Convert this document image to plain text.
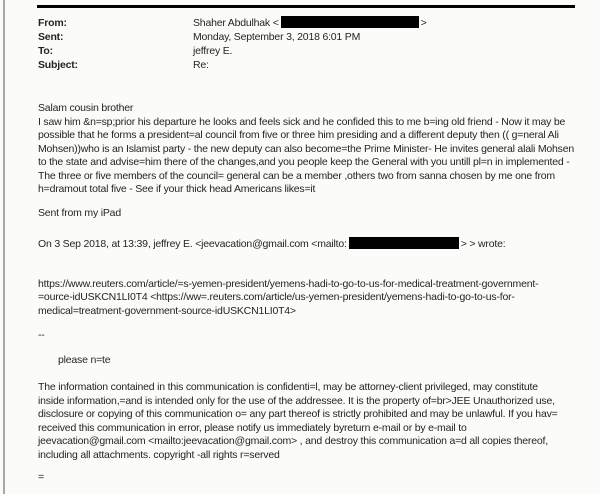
From:	Shaher Abdulhak <	>
Sent:	Monday, September 3, 2018 6:01 PM
To:	jeffrey E.
Subject:	Re:
Salam cousin brother
I saw him &n=sp;prior his departure he looks and feels sick and he confided this to me b=ing old friend - Now it may be
possible that he forms a president=al council from five or three him presiding and a different deputy then (( g=neral Ali
Mohsen))who is an Islamist party - the new deputy can also become=the Prime Minister- He invites general alali Mohsen
to the state and advise=him there of the changes,and you people keep the General with you untill pl=n in implemented -
The three or five members of the council= general can be a member ,others two from sanna chosen by me one from
h=dramout total five - See if your thick head Americans likes=it
Sent from my iPad
On 3 Sep 2018, at 13:39, jeffrey E. <jeevacation@gmail.com <mailto:	> > wrote:
https://www.reuters.com/article/=s-yemen-president/yemens-hadi-to-go-to-us-for-medical-treatment-government-
=ource-idUSKCN1LI0T4 <https://ww=.reuters.com/article/us-yemen-president/yemens-hadi-to-go-to-us-for-
medical=treatment-government-source-idUSKCN1LI0T4>
--
please n=te
The information contained in this communication is confidenti=l, may be attorney-client privileged, may constitute
inside information,=and is intended only for the use of the addressee. It is the property of=br>JEE Unauthorized use,
disclosure or copying of this communication o= any part thereof is strictly prohibited and may be unlawful. If you hav=
received this communication in error, please notify us immediately byreturn e-mail or by e-mail to
jeevacation@gmail.com <mailto:jeevacation@gmail.com> , and destroy this communication a=d all copies thereof,
including all attachments. copyright -all rights r=served
=
